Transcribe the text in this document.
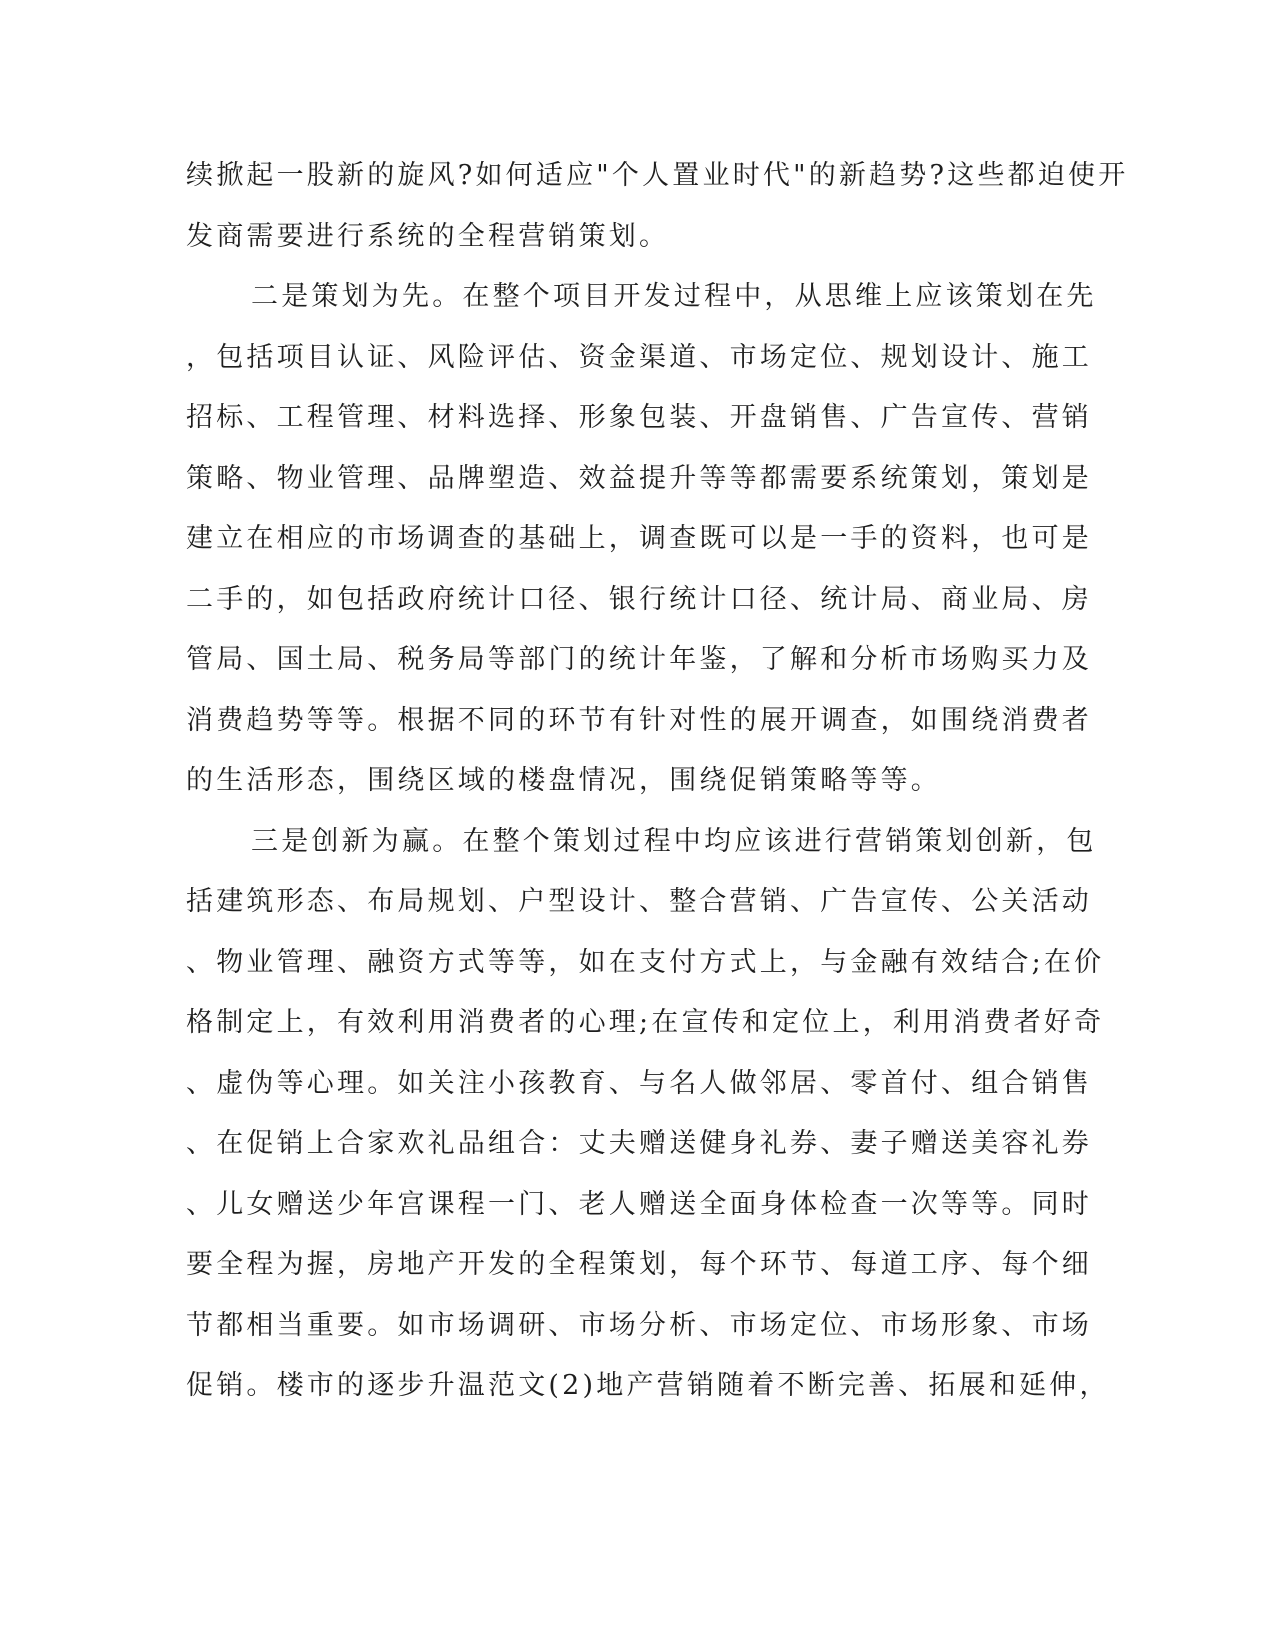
续掀起一股新的旋风?如何适应"个人置业时代"的新趋势?这些都迫使开
发商需要进行系统的全程营销策划。
二是策划为先。在整个项目开发过程中，从思维上应该策划在先
，包括项目认证、风险评估、资金渠道、市场定位、规划设计、施工
招标、工程管理、材料选择、形象包装、开盘销售、广告宣传、营销
策略、物业管理、品牌塑造、效益提升等等都需要系统策划，策划是
建立在相应的市场调查的基础上，调查既可以是一手的资料，也可是
二手的，如包括政府统计口径、银行统计口径、统计局、商业局、房
管局、国土局、税务局等部门的统计年鉴，了解和分析市场购买力及
消费趋势等等。根据不同的环节有针对性的展开调查，如围绕消费者
的生活形态，围绕区域的楼盘情况，围绕促销策略等等。
三是创新为赢。在整个策划过程中均应该进行营销策划创新，包
括建筑形态、布局规划、户型设计、整合营销、广告宣传、公关活动
、物业管理、融资方式等等，如在支付方式上，与金融有效结合;在价
格制定上，有效利用消费者的心理;在宣传和定位上，利用消费者好奇
、虚伪等心理。如关注小孩教育、与名人做邻居、零首付、组合销售
、在促销上合家欢礼品组合：丈夫赠送健身礼券、妻子赠送美容礼券
、儿女赠送少年宫课程一门、老人赠送全面身体检查一次等等。同时
要全程为握，房地产开发的全程策划，每个环节、每道工序、每个细
节都相当重要。如市场调研、市场分析、市场定位、市场形象、市场
促销。楼市的逐步升温范文(2)地产营销随着不断完善、拓展和延伸，
